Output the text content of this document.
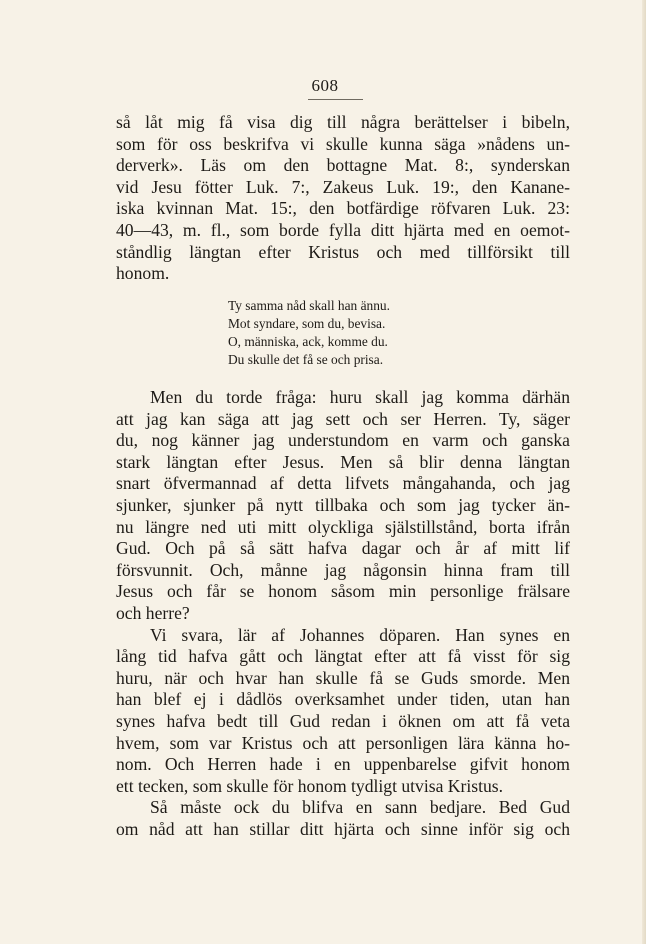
608
så låt mig få visa dig till några berättelser i bibeln,
som för oss beskrifva vi skulle kunna säga »nådens un-
derverk». Läs om den bottagne Mat. 8:, synderskan
vid Jesu fötter Luk. 7:, Zakeus Luk. 19:, den Kanane-
iska kvinnan Mat. 15:, den botfärdige röfvaren Luk. 23:
40—43, m. fl., som borde fylla ditt hjärta med en oemot-
ståndlig längtan efter Kristus och med tillförsikt till
honom.
Ty samma nåd skall han ännu.
Mot syndare, som du, bevisa.
O, människa, ack, komme du.
Du skulle det få se och prisa.
Men du torde fråga: huru skall jag komma därhän
att jag kan säga att jag sett och ser Herren. Ty, säger
du, nog känner jag understundom en varm och ganska
stark längtan efter Jesus. Men så blir denna längtan
snart öfvermannad af detta lifvets mångahanda, och jag
sjunker, sjunker på nytt tillbaka och som jag tycker än-
nu längre ned uti mitt olyckliga själstillstånd, borta ifrån
Gud. Och på så sätt hafva dagar och år af mitt lif
försvunnit. Och, månne jag någonsin hinna fram till
Jesus och får se honom såsom min personlige frälsare
och herre?
Vi svara, lär af Johannes döparen. Han synes en
lång tid hafva gått och längtat efter att få visst för sig
huru, när och hvar han skulle få se Guds smorde. Men
han blef ej i dådlös overksamhet under tiden, utan han
synes hafva bedt till Gud redan i öknen om att få veta
hvem, som var Kristus och att personligen lära känna ho-
nom. Och Herren hade i en uppenbarelse gifvit honom
ett tecken, som skulle för honom tydligt utvisa Kristus.
Så måste ock du blifva en sann bedjare. Bed Gud
om nåd att han stillar ditt hjärta och sinne inför sig och
